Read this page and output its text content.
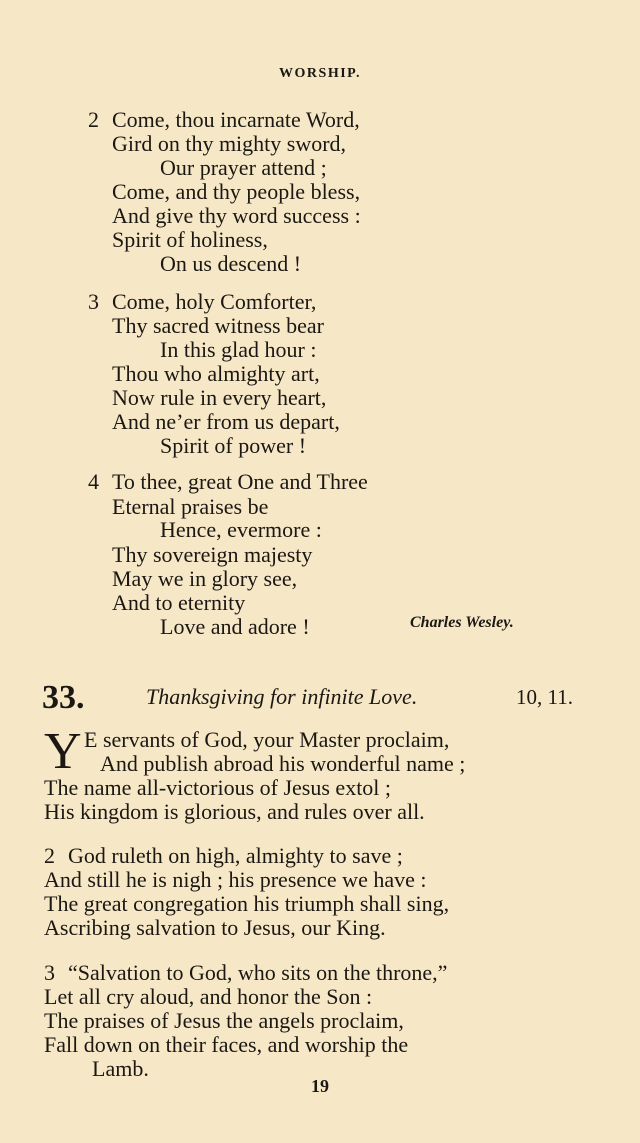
WORSHIP.
2 Come, thou incarnate Word,
Gird on thy mighty sword,
Our prayer attend ;
Come, and thy people bless,
And give thy word success :
Spirit of holiness,
On us descend !
3 Come, holy Comforter,
Thy sacred witness bear
In this glad hour :
Thou who almighty art,
Now rule in every heart,
And ne’er from us depart,
Spirit of power !
4 To thee, great One and Three
Eternal praises be
Hence, evermore :
Thy sovereign majesty
May we in glory see,
And to eternity
Love and adore !	Charles Wesley.
33.	Thanksgiving for infinite Love.	10, 11.
Y E servants of God, your Master proclaim,
And publish abroad his wonderful name ;
The name all-victorious of Jesus extol ;
His kingdom is glorious, and rules over all.
2 God ruleth on high, almighty to save ;
And still he is nigh ; his presence we have :
The great congregation his triumph shall sing,
Ascribing salvation to Jesus, our King.
3 “Salvation to God, who sits on the throne,”
Let all cry aloud, and honor the Son :
The praises of Jesus the angels proclaim,
Fall down on their faces, and worship the
Lamb.
19
